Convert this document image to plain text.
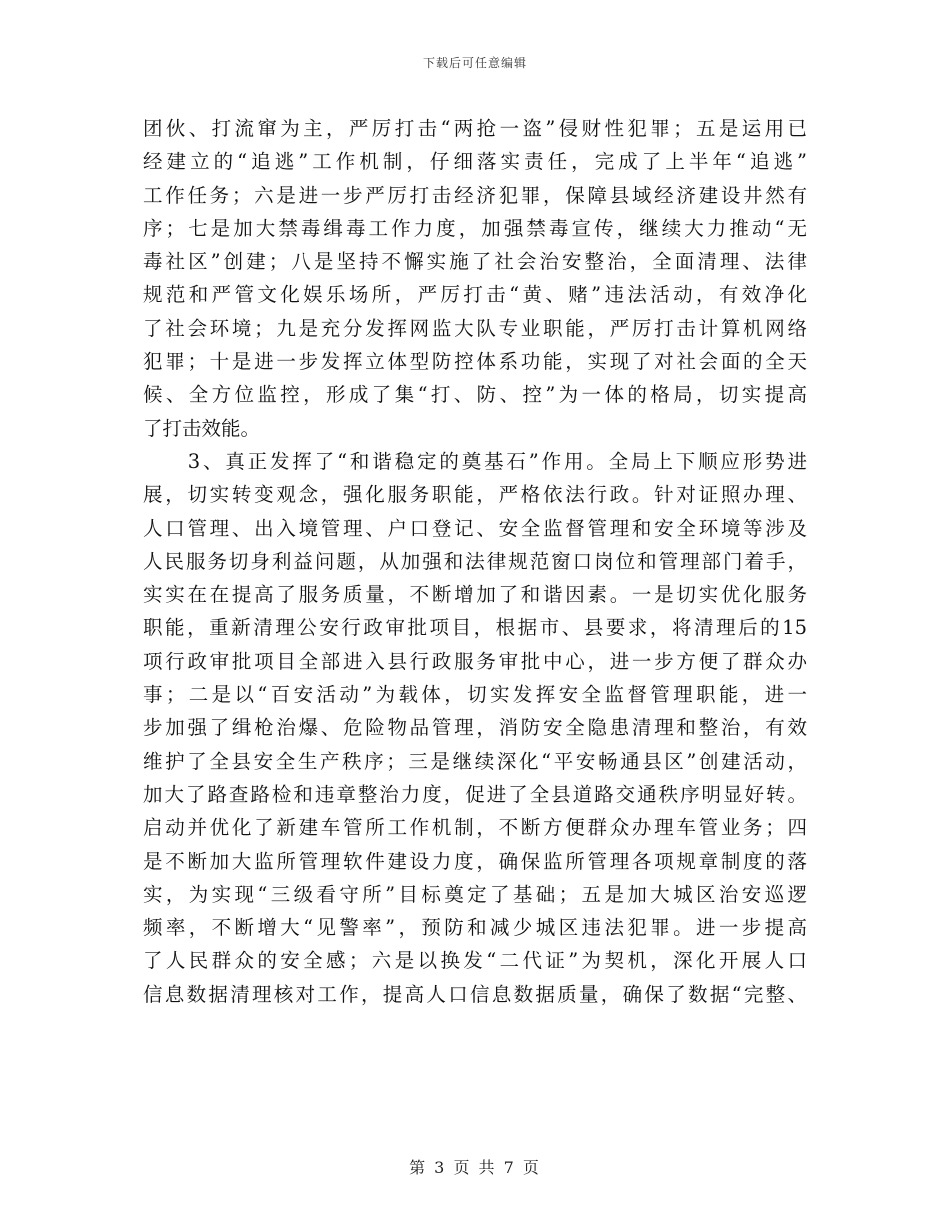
下载后可任意编辑
团伙、打流窜为主，严厉打击“两抢一盗”侵财性犯罪；五是运用已
经建立的“追逃”工作机制，仔细落实责任，完成了上半年“追逃”
工作任务；六是进一步严厉打击经济犯罪，保障县域经济建设井然有
序；七是加大禁毒缉毒工作力度，加强禁毒宣传，继续大力推动“无
毒社区”创建；八是坚持不懈实施了社会治安整治，全面清理、法律
规范和严管文化娱乐场所，严厉打击“黄、赌”违法活动，有效净化
了社会环境；九是充分发挥网监大队专业职能，严厉打击计算机网络
犯罪；十是进一步发挥立体型防控体系功能，实现了对社会面的全天
候、全方位监控，形成了集“打、防、控”为一体的格局，切实提高
了打击效能。
　　3、真正发挥了“和谐稳定的奠基石”作用。全局上下顺应形势进
展，切实转变观念，强化服务职能，严格依法行政。针对证照办理、
人口管理、出入境管理、户口登记、安全监督管理和安全环境等涉及
人民服务切身利益问题，从加强和法律规范窗口岗位和管理部门着手，
实实在在提高了服务质量，不断增加了和谐因素。一是切实优化服务
职能，重新清理公安行政审批项目，根据市、县要求，将清理后的15
项行政审批项目全部进入县行政服务审批中心，进一步方便了群众办
事；二是以“百安活动”为载体，切实发挥安全监督管理职能，进一
步加强了缉枪治爆、危险物品管理，消防安全隐患清理和整治，有效
维护了全县安全生产秩序；三是继续深化“平安畅通县区”创建活动，
加大了路查路检和违章整治力度，促进了全县道路交通秩序明显好转。
启动并优化了新建车管所工作机制，不断方便群众办理车管业务；四
是不断加大监所管理软件建设力度，确保监所管理各项规章制度的落
实，为实现“三级看守所”目标奠定了基础；五是加大城区治安巡逻
频率，不断增大“见警率”，预防和减少城区违法犯罪。进一步提高
了人民群众的安全感；六是以换发“二代证”为契机，深化开展人口
信息数据清理核对工作，提高人口信息数据质量，确保了数据“完整、
第 3 页 共 7 页
